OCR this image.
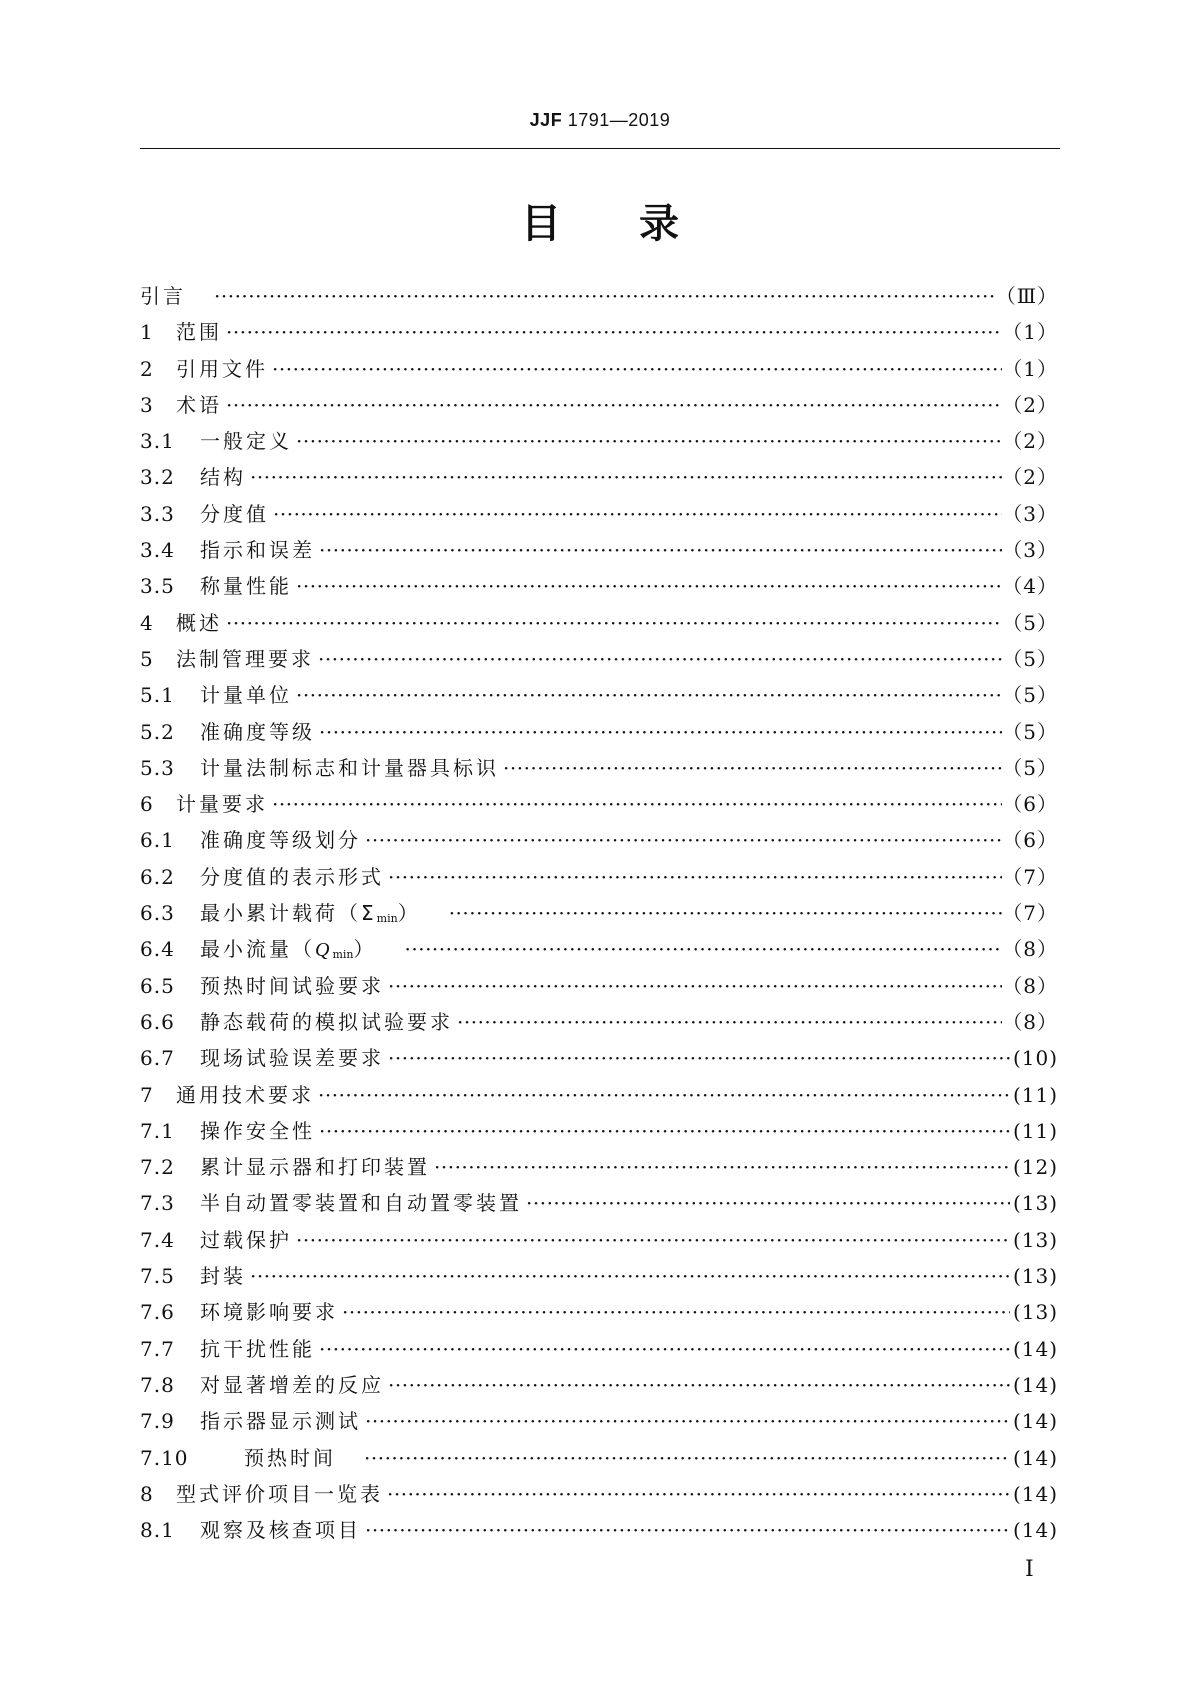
JJF 1791—2019
目录
引言 ·····	（Ⅲ）
1	范围 ·····	（1）
2	引用文件 ·····	（1）
3	术语 ·····	（2）
3.1	一般定义 ·····	（2）
3.2	结构 ·····	（2）
3.3	分度值 ·····	（3）
3.4	指示和误差 ·····	（3）
3.5	称量性能 ·····	（4）
4	概述 ·····	（5）
5	法制管理要求 ·····	（5）
5.1	计量单位 ·····	（5）
5.2	准确度等级 ·····	（5）
5.3	计量法制标志和计量器具标识 ·····	（5）
6	计量要求 ·····	（6）
6.1	准确度等级划分 ·····	（6）
6.2	分度值的表示形式 ·····	（7）
6.3	最小累计载荷（Σmin） ·····	（7）
6.4	最小流量（Qmin） ·····	（8）
6.5	预热时间试验要求 ·····	（8）
6.6	静态载荷的模拟试验要求 ·····	（8）
6.7	现场试验误差要求 ·····	(10)
7	通用技术要求 ·····	(11)
7.1	操作安全性 ·····	(11)
7.2	累计显示器和打印装置 ·····	(12)
7.3	半自动置零装置和自动置零装置 ·····	(13)
7.4	过载保护 ·····	(13)
7.5	封装 ·····	(13)
7.6	环境影响要求 ·····	(13)
7.7	抗干扰性能 ·····	(14)
7.8	对显著增差的反应 ·····	(14)
7.9	指示器显示测试 ·····	(14)
7.10	预热时间 ·····	(14)
8	型式评价项目一览表 ·····	(14)
8.1	观察及核查项目 ·····	(14)
Ⅰ
